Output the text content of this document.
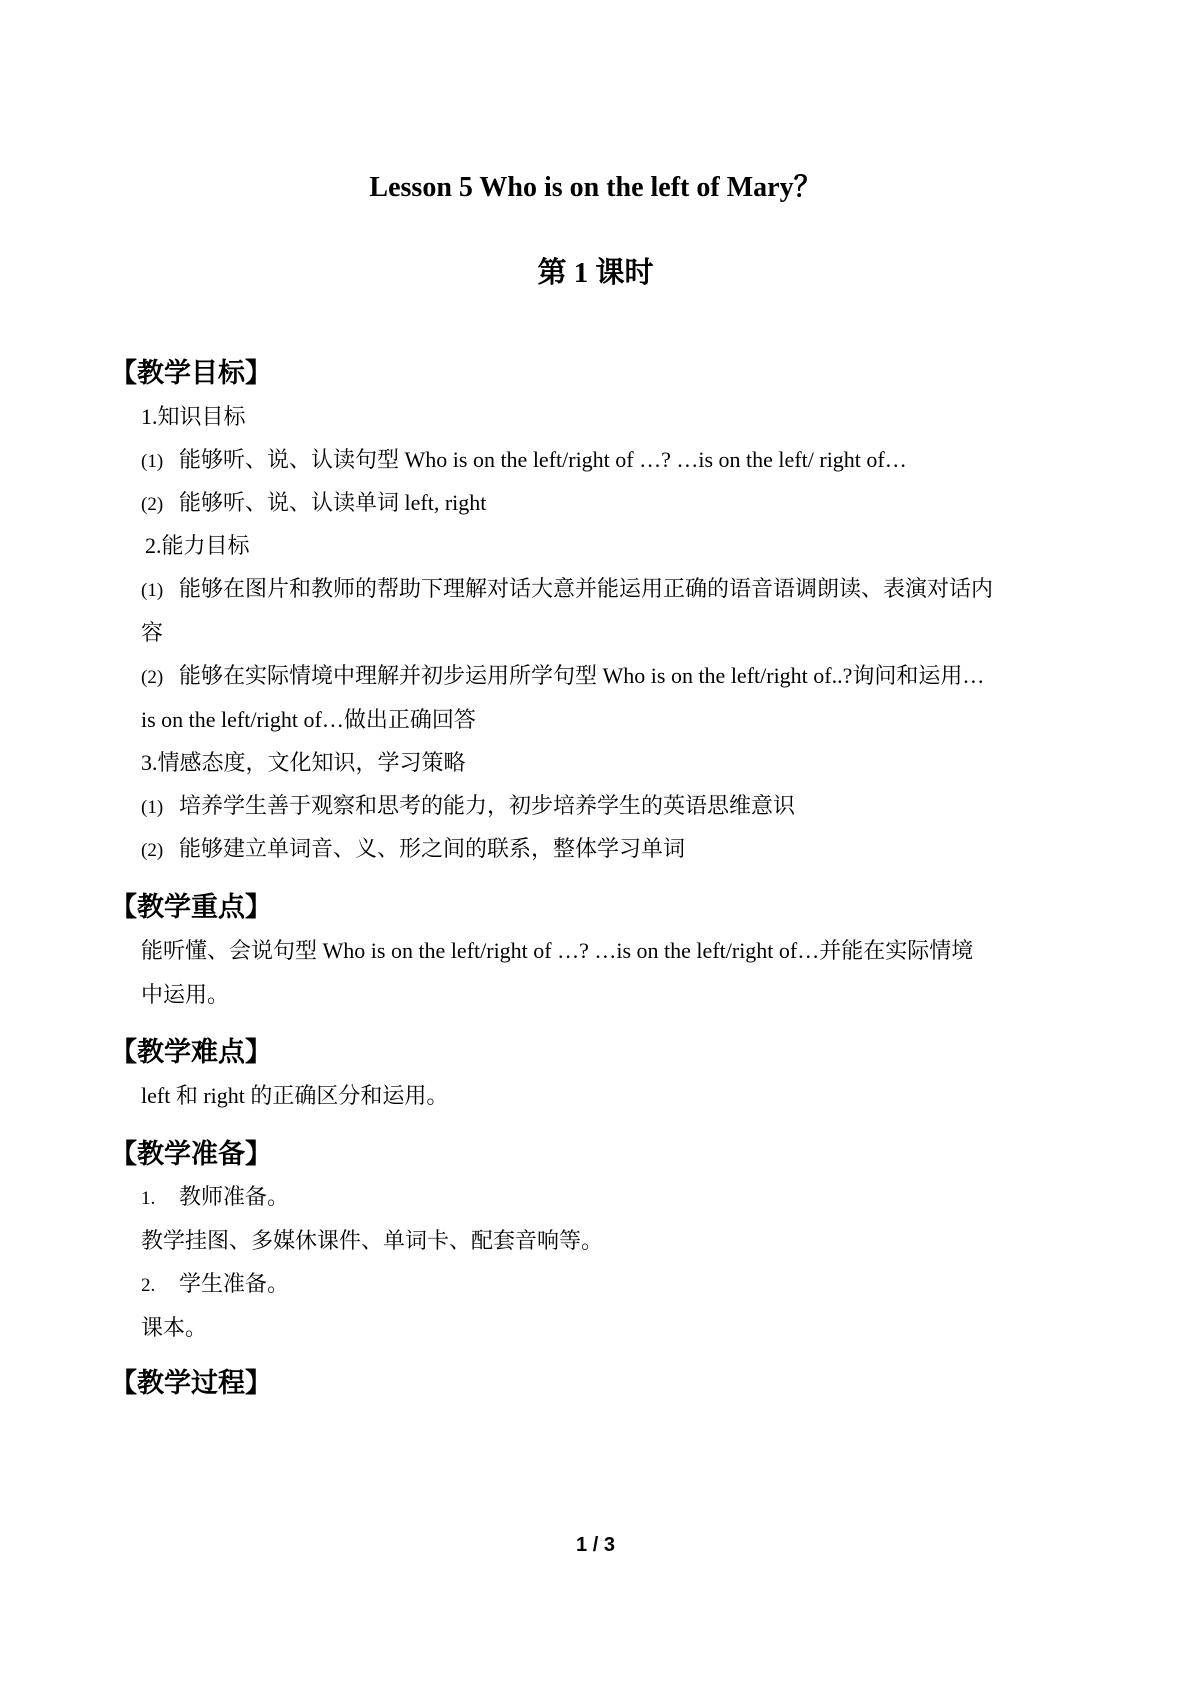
Lesson 5 Who is on the left of Mary？
第 1 课时
【教学目标】
1.知识目标
(1) 能够听、说、认读句型 Who is on the left/right of …? …is on the left/ right of…
(2) 能够听、说、认读单词 left, right
2.能力目标
(1) 能够在图片和教师的帮助下理解对话大意并能运用正确的语音语调朗读、表演对话内
容
(2) 能够在实际情境中理解并初步运用所学句型 Who is on the left/right of..?询问和运用…
is on the left/right of…做出正确回答
3.情感态度，文化知识，学习策略
(1) 培养学生善于观察和思考的能力，初步培养学生的英语思维意识
(2) 能够建立单词音、义、形之间的联系，整体学习单词
【教学重点】
能听懂、会说句型 Who is on the left/right of …? …is on the left/right of…并能在实际情境
中运用。
【教学难点】
left 和 right 的正确区分和运用。
【教学准备】
1. 教师准备。
教学挂图、多媒休课件、单词卡、配套音响等。
2. 学生准备。
课本。
【教学过程】
1 / 3
